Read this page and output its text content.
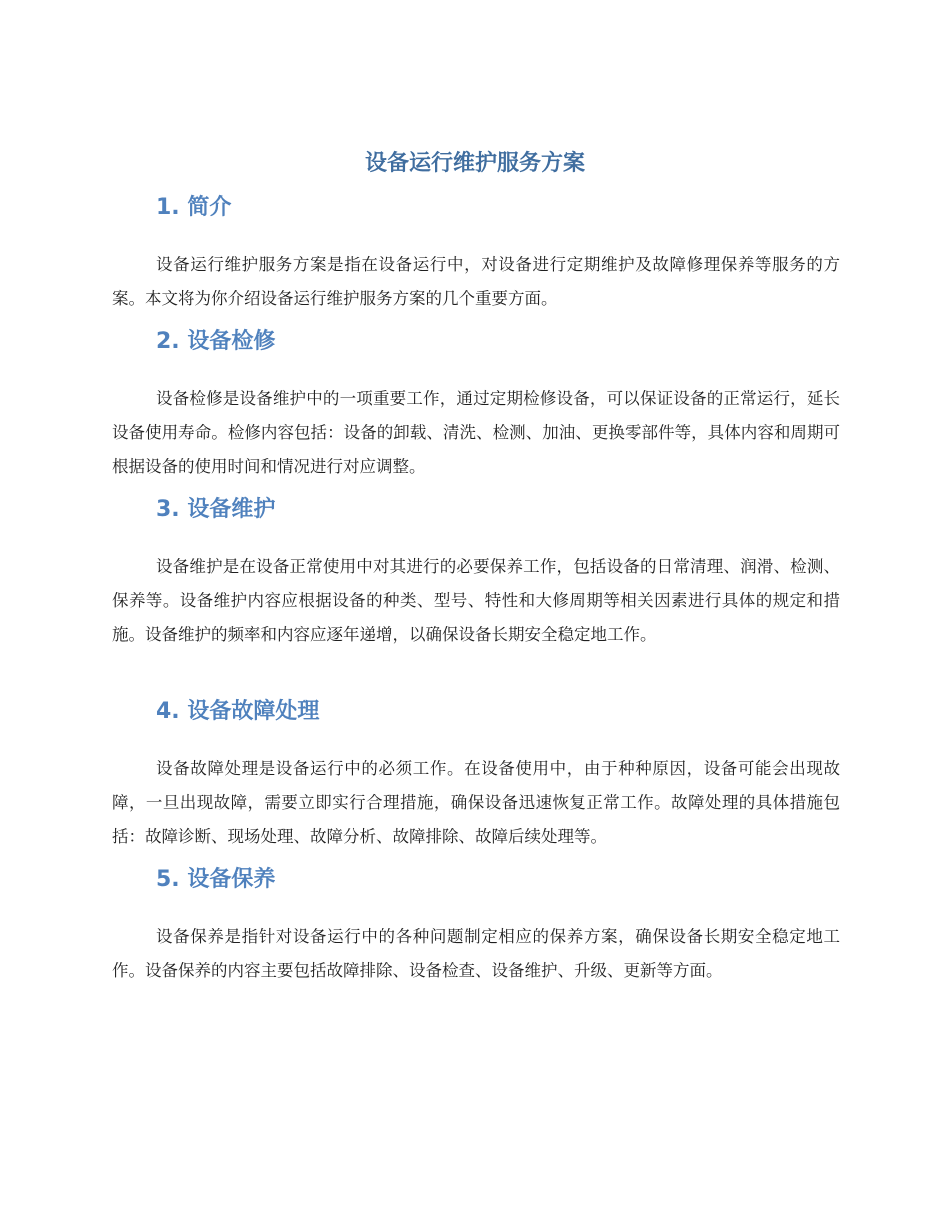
设备运行维护服务方案
1. 简介

设备运行维护服务方案是指在设备运行中，对设备进行定期维护及故障修理保养等服务的方案。本文将为你介绍设备运行维护服务方案的几个重要方面。

2. 设备检修

设备检修是设备维护中的一项重要工作，通过定期检修设备，可以保证设备的正常运行，延长设备使用寿命。检修内容包括：设备的卸载、清洗、检测、加油、更换零部件等，具体内容和周期可根据设备的使用时间和情况进行对应调整。

3. 设备维护

设备维护是在设备正常使用中对其进行的必要保养工作，包括设备的日常清理、润滑、检测、保养等。设备维护内容应根据设备的种类、型号、特性和大修周期等相关因素进行具体的规定和措施。设备维护的频率和内容应逐年递增，以确保设备长期安全稳定地工作。

4. 设备故障处理

设备故障处理是设备运行中的必须工作。在设备使用中，由于种种原因，设备可能会出现故障，一旦出现故障，需要立即实行合理措施，确保设备迅速恢复正常工作。故障处理的具体措施包括：故障诊断、现场处理、故障分析、故障排除、故障后续处理等。

5. 设备保养

设备保养是指针对设备运行中的各种问题制定相应的保养方案，确保设备长期安全稳定地工作。设备保养的内容主要包括故障排除、设备检查、设备维护、升级、更新等方面。
